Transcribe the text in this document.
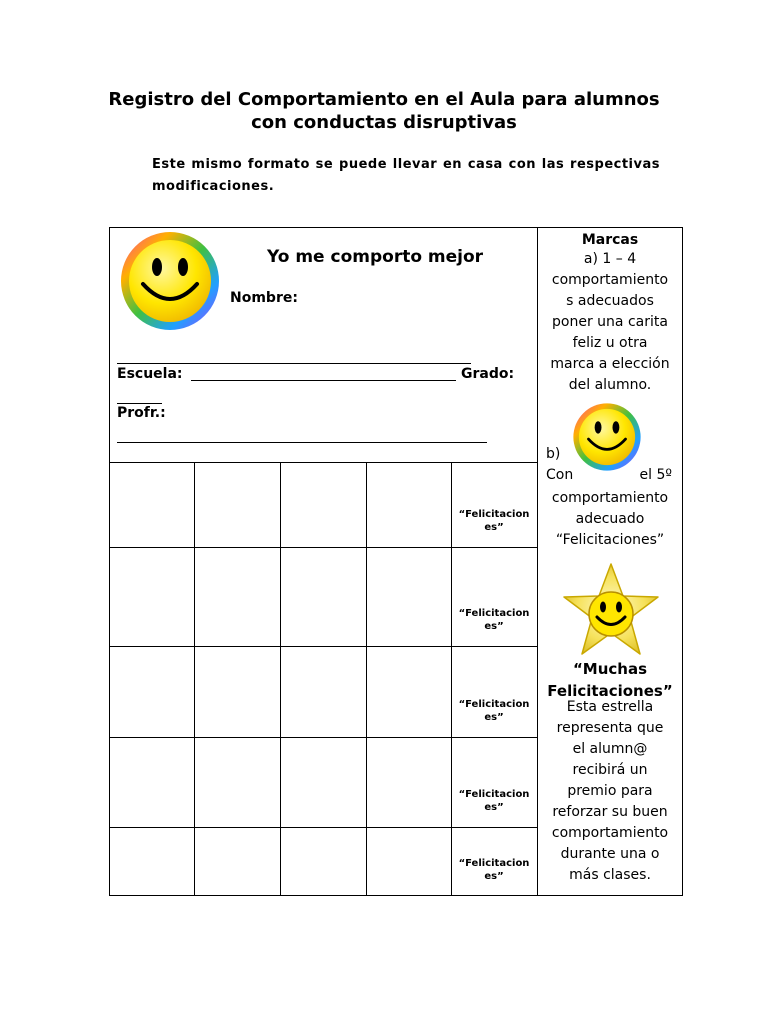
Registro del Comportamiento en el Aula para alumnos con conductas disruptivas
Este mismo formato se puede llevar en casa con las respectivas modificaciones.
“Felicitacion
es”
“Felicitacion
es”
“Felicitacion
es”
“Felicitacion
es”
“Felicitacion
es”
Yo me comporto mejor
Nombre:
Escuela:	Grado:
Profr.:
Marcas
a) 1 – 4
comportamiento
s adecuados
poner una carita
feliz u otra
marca a elección
del alumno.
b)
Con	el 5º
comportamiento
adecuado
“Felicitaciones”
“Muchas
Felicitaciones”
Esta estrella
representa que
el alumn@
recibirá un
premio para
reforzar su buen
comportamiento
durante una o
más clases.
